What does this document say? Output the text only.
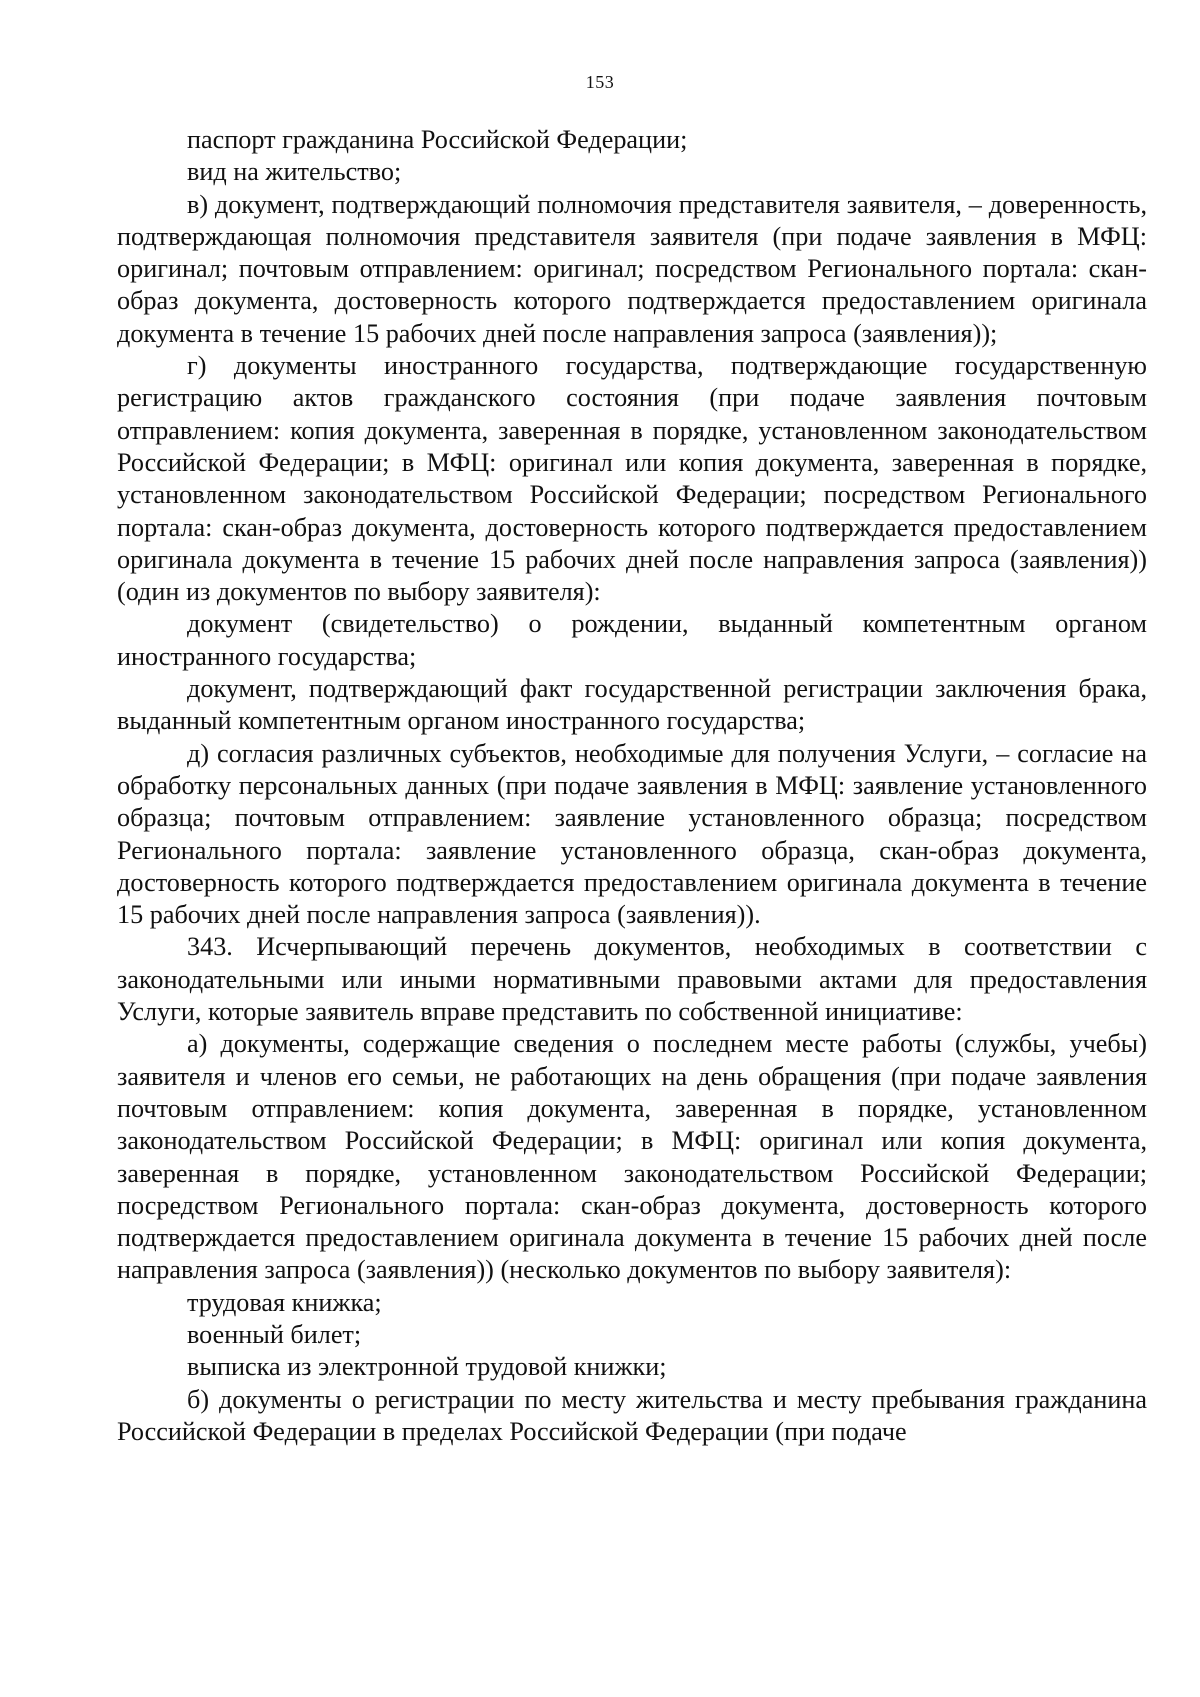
153

паспорт гражданина Российской Федерации;

вид на жительство;

в) документ, подтверждающий полномочия представителя заявителя, – доверенность, подтверждающая полномочия представителя заявителя (при подаче заявления в МФЦ: оригинал; почтовым отправлением: оригинал; посредством Регионального портала: скан-образ документа, достоверность которого подтверждается предоставлением оригинала документа в течение 15 рабочих дней после направления запроса (заявления));

г) документы иностранного государства, подтверждающие государственную регистрацию актов гражданского состояния (при подаче заявления почтовым отправлением: копия документа, заверенная в порядке, установленном законодательством Российской Федерации; в МФЦ: оригинал или копия документа, заверенная в порядке, установленном законодательством Российской Федерации; посредством Регионального портала: скан-образ документа, достоверность которого подтверждается предоставлением оригинала документа в течение 15 рабочих дней после направления запроса (заявления)) (один из документов по выбору заявителя):

документ (свидетельство) о рождении, выданный компетентным органом иностранного государства;

документ, подтверждающий факт государственной регистрации заключения брака, выданный компетентным органом иностранного государства;

д) согласия различных субъектов, необходимые для получения Услуги, – согласие на обработку персональных данных (при подаче заявления в МФЦ: заявление установленного образца; почтовым отправлением: заявление установленного образца; посредством Регионального портала: заявление установленного образца, скан-образ документа, достоверность которого подтверждается предоставлением оригинала документа в течение 15 рабочих дней после направления запроса (заявления)).

343. Исчерпывающий перечень документов, необходимых в соответствии с законодательными или иными нормативными правовыми актами для предоставления Услуги, которые заявитель вправе представить по собственной инициативе:

а) документы, содержащие сведения о последнем месте работы (службы, учебы) заявителя и членов его семьи, не работающих на день обращения (при подаче заявления почтовым отправлением: копия документа, заверенная в порядке, установленном законодательством Российской Федерации; в МФЦ: оригинал или копия документа, заверенная в порядке, установленном законодательством Российской Федерации; посредством Регионального портала: скан-образ документа, достоверность которого подтверждается предоставлением оригинала документа в течение 15 рабочих дней после направления запроса (заявления)) (несколько документов по выбору заявителя):

трудовая книжка;

военный билет;

выписка из электронной трудовой книжки;

б) документы о регистрации по месту жительства и месту пребывания гражданина Российской Федерации в пределах Российской Федерации (при подаче
